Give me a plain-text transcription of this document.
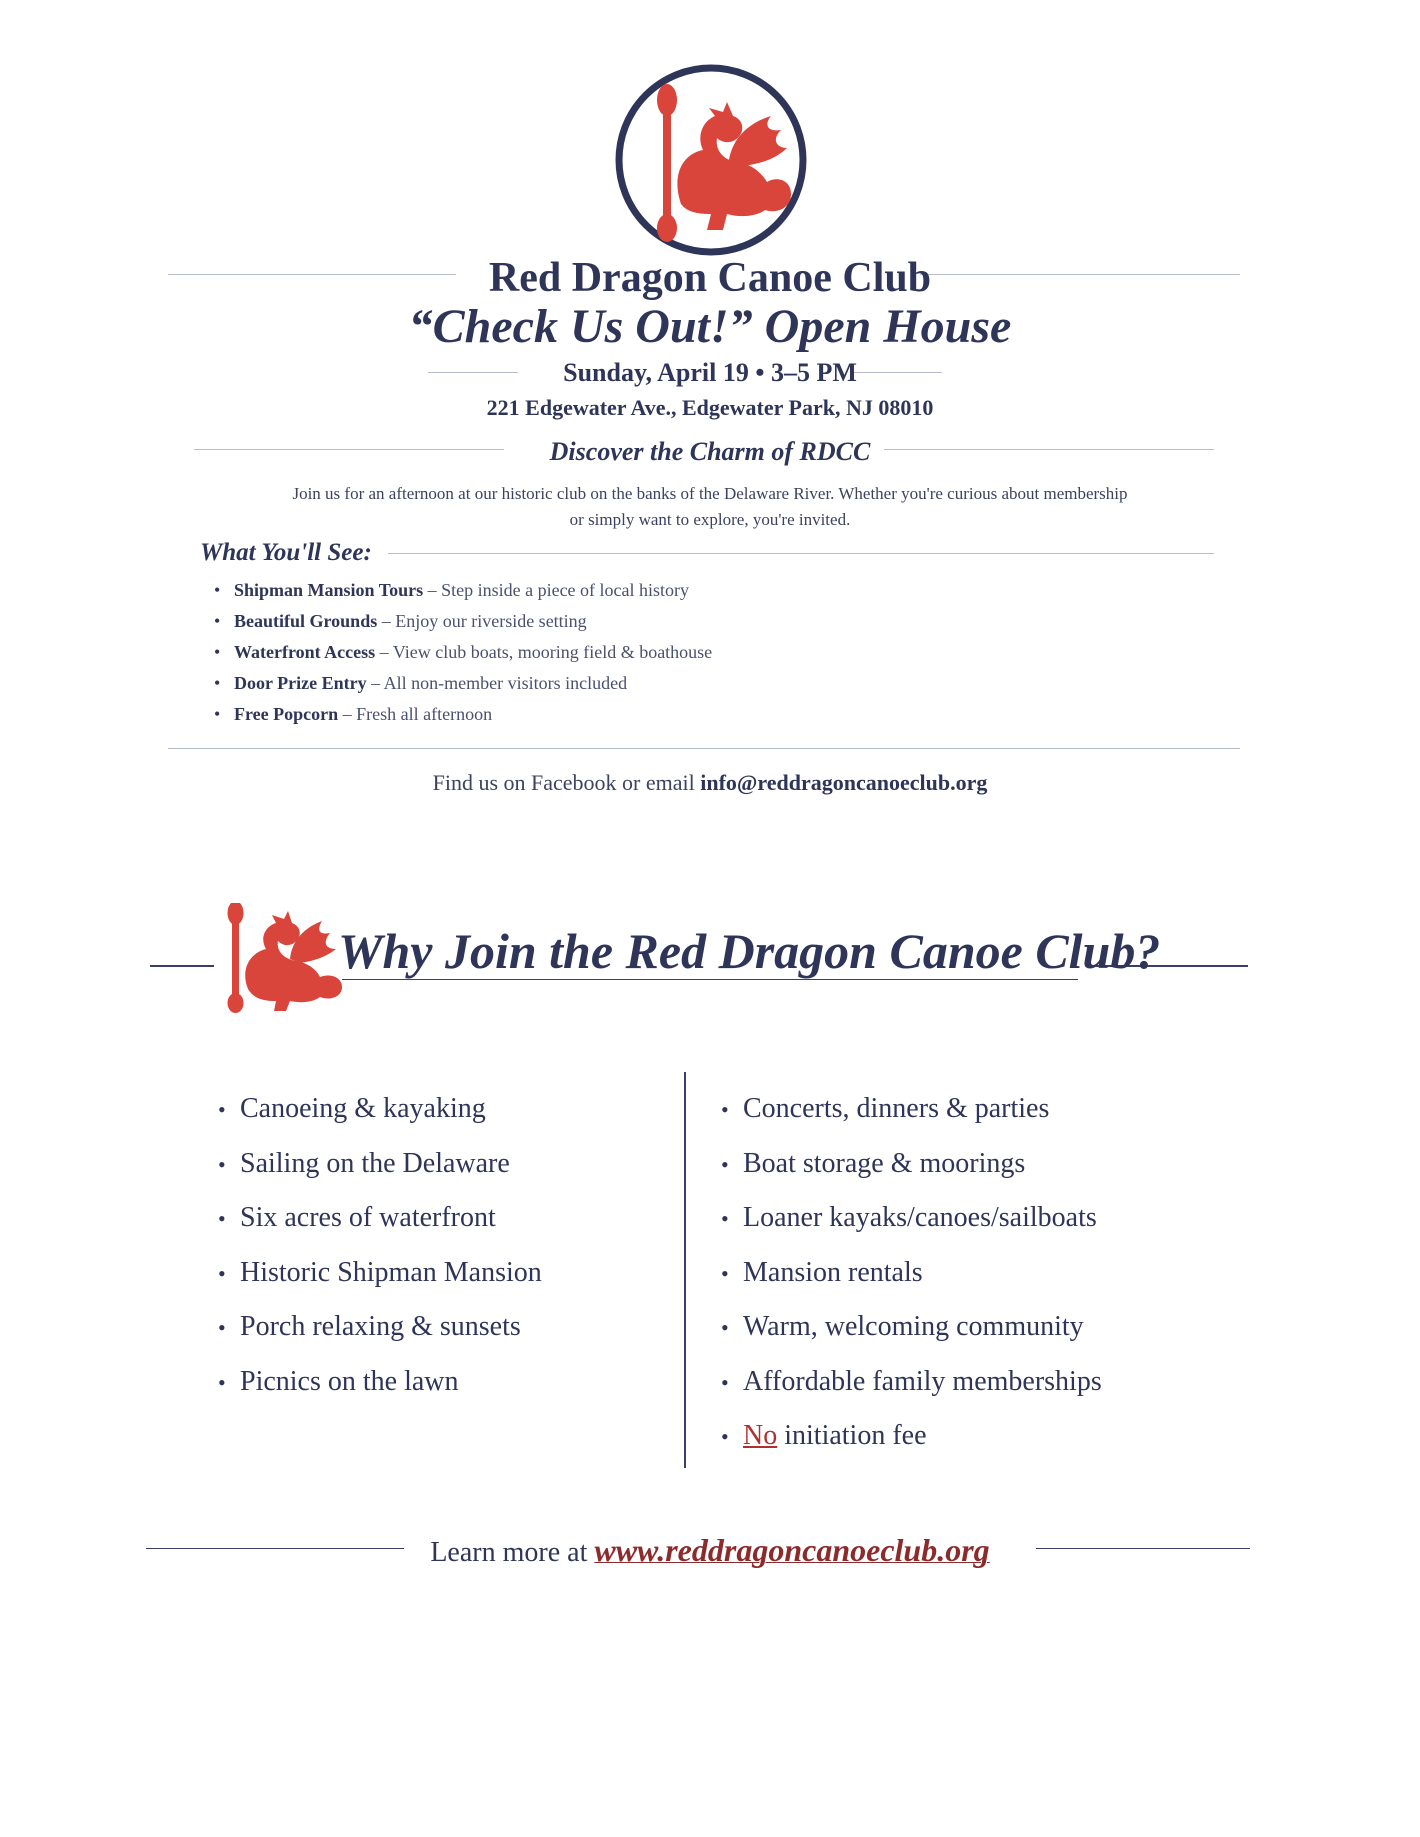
Red Dragon Canoe Club
“Check Us Out!” Open House
Sunday, April 19 • 3–5 PM
221 Edgewater Ave., Edgewater Park, NJ 08010
Discover the Charm of RDCC
Join us for an afternoon at our historic club on the banks of the Delaware River. Whether you're curious about membership
or simply want to explore, you're invited.
What You'll See:
• Shipman Mansion Tours – Step inside a piece of local history
• Beautiful Grounds – Enjoy our riverside setting
• Waterfront Access – View club boats, mooring field & boathouse
• Door Prize Entry – All non-member visitors included
• Free Popcorn – Fresh all afternoon
Find us on Facebook or email info@reddragoncanoeclub.org
Why Join the Red Dragon Canoe Club?
• Canoeing & kayaking
• Sailing on the Delaware
• Six acres of waterfront
• Historic Shipman Mansion
• Porch relaxing & sunsets
• Picnics on the lawn
• Concerts, dinners & parties
• Boat storage & moorings
• Loaner kayaks/canoes/sailboats
• Mansion rentals
• Warm, welcoming community
• Affordable family memberships
• No initiation fee
Learn more at www.reddragoncanoeclub.org
